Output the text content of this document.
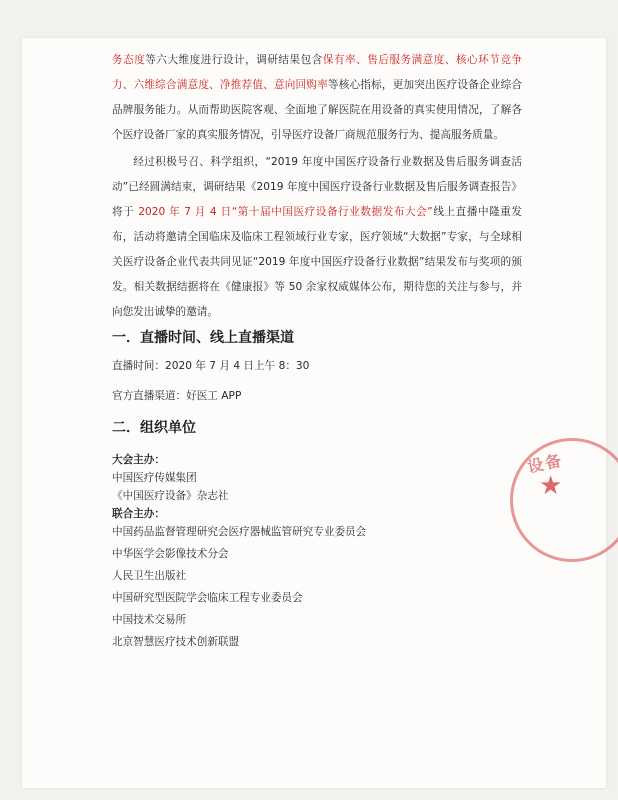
务态度等六大维度进行设计，调研结果包含保有率、售后服务满意度、核心环节竞争力、六维综合满意度、净推荐值、意向回购率等核心指标，更加突出医疗设备企业综合品牌服务能力。从而帮助医院客观、全面地了解医院在用设备的真实使用情况，了解各个医疗设备厂家的真实服务情况，引导医疗设备厂商规范服务行为、提高服务质量。

经过积极号召、科学组织，“2019 年度中国医疗设备行业数据及售后服务调查活动”已经圆满结束，调研结果《2019 年度中国医疗设备行业数据及售后服务调查报告》将于 2020 年 7 月 4 日“第十届中国医疗设备行业数据发布大会”线上直播中隆重发布，活动将邀请全国临床及临床工程领域行业专家，医疗领域“大数据”专家，与全球相关医疗设备企业代表共同见证“2019 年度中国医疗设备行业数据”结果发布与奖项的颁发。相关数据结据将在《健康报》等 50 余家权威媒体公布，期待您的关注与参与，并向您发出诚挚的邀请。

一．直播时间、线上直播渠道

直播时间：2020 年 7 月 4 日上午 8：30

官方直播渠道：好医工 APP

二．组织单位

大会主办：

中国医疗传媒集团

《中国医疗设备》杂志社

联合主办：

中国药品监督管理研究会医疗器械监管研究专业委员会

中华医学会影像技术分会

人民卫生出版社

中国研究型医院学会临床工程专业委员会

中国技术交易所

北京智慧医疗技术创新联盟

设备
★
